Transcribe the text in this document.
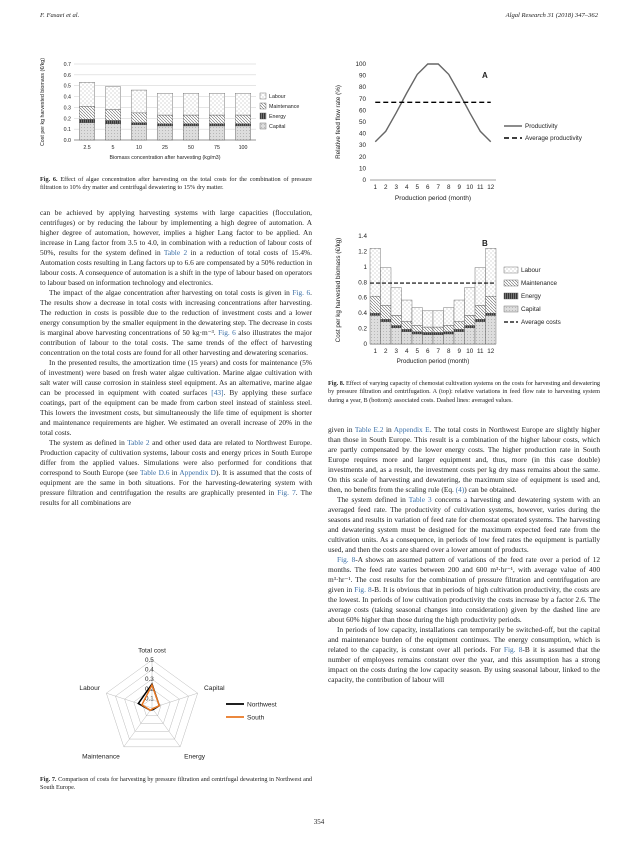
F. Fasaei et al.	Algal Research 31 (2018) 347–362
0.0
0.1
0.2
0.3
0.4
0.5
0.6
0.7
2.5	5	10	25	50	75	100
Biomass concentration after harvesting (kg/m3)
Cost per kg harvested biomass (€/kg)	Labour
Maintenance
Energy
Capital
Fig. 6. Effect of algae concentration after harvesting on the total costs for the combination of pressure filtration to 10% dry matter and centrifugal dewatering to 15% dry matter.

can be achieved by applying harvesting systems with large capacities (flocculation, centrifuges) or by reducing the labour by implementing a high degree of automation. A higher degree of automation, however, implies a higher Lang factor to be applied. An increase in Lang factor from 3.5 to 4.0, in combination with a reduction of labour costs of 50%, results for the system defined in Table 2 in a reduction of total costs of 15.4%. Automation costs resulting in Lang factors up to 6.6 are compensated by a 50% reduction in labour costs. A consequence of automation is a shift in the type of labour based on operators to labour based on information technology and electronics.

The impact of the algae concentration after harvesting on total costs is given in Fig. 6. The results show a decrease in total costs with increasing concentrations after harvesting. The reduction in costs is possible due to the reduction of investment costs and a lower energy consumption by the smaller equipment in the dewatering step. The decrease in costs is marginal above harvesting concentrations of 50 kg·m⁻³. Fig. 6 also illustrates the major contribution of labour to the total costs. The same trends of the effect of harvesting concentration on the total costs are found for all other harvesting and dewatering scenarios.

In the presented results, the amortization time (15 years) and costs for maintenance (5% of investment) were based on fresh water algae cultivation. Marine algae cultivation with salt water will cause corrosion in stainless steel equipment. As an alternative, marine algae can be processed in equipment with coated surfaces [43]. By applying these surface coatings, part of the equipment can be made from carbon steel instead of stainless steel. This lowers the investment costs, but simultaneously the life time of equipment is shorter and maintenance requirements are higher. We estimated an overall increase of 20% in the total costs.

The system as defined in Table 2 and other used data are related to Northwest Europe. Production capacity of cultivation systems, labour costs and energy prices in South Europe differ from the applied values. Simulations were also performed for conditions that correspond to South Europe (see Table D.6 in Appendix D). It is assumed that the costs of equipment are the same in both situations. For the harvesting-dewatering system with pressure filtration and centrifugation the results are graphically presented in Fig. 7. The results for all combinations are

0.1
0.2
0.3
0.4
0.5
Total cost
Capital
Energy
Maintenance
Labour
Northwest
South
Fig. 7. Comparison of costs for harvesting by pressure filtration and centrifugal dewatering in Northwest and South Europe.
0
10
20
30
40
50
60
70
80
90
100
1 2 3 4 5 6 7 8 9 10 11 12
Production period (month)
Relative feed flow rate (%)
A
Productivity
Average productivity
0
0.2
0.4
0.6
0.8
1
1.2
1.4
1 2 3 4 5 6 7 8 9 10 11 12
Production period (month)
Cost per kg harvested biomass (€/kg)	B
Labour
Maintenance
Energy
Capital
Average costs
Fig. 8. Effect of varying capacity of chemostat cultivation systems on the costs for harvesting and dewatering by pressure filtration and centrifugation. A (top): relative variations in feed flow rate to harvesting system during a year, B (bottom): associated costs. Dashed lines: averaged values.

given in Table E.2 in Appendix E. The total costs in Northwest Europe are slightly higher than those in South Europe. This result is a combination of the higher labour costs, which are partly compensated by the lower energy costs. The higher production rate in South Europe requires more and larger equipment and, thus, more (in this case double) investments and, as a result, the investment costs per kg dry mass remains about the same. On this scale of harvesting and dewatering, the maximum size of equipment is used and, then, no benefits from the scaling rule (Eq. (4)) can be obtained.

The system defined in Table 3 concerns a harvesting and dewatering system with an averaged feed rate. The productivity of cultivation systems, however, varies during the seasons and results in variation of feed rate for chemostat operated systems. The harvesting and dewatering system must be designed for the maximum expected feed rate from the cultivation units. As a consequence, in periods of low feed rates the equipment is partially used, and then the costs are shared over a lower amount of products.

Fig. 8-A shows an assumed pattern of variations of the feed rate over a period of 12 months. The feed rate varies between 200 and 600 m³·hr⁻¹, with average value of 400 m³·hr⁻¹. The cost results for the combination of pressure filtration and centrifugation are given in Fig. 8-B. It is obvious that in periods of high cultivation productivity, the costs are the lowest. In periods of low cultivation productivity the costs increase by a factor 2.6. The average costs (taking seasonal changes into consideration) given by the dashed line are about 60% higher than those during the high productivity periods.

In periods of low capacity, installations can temporarily be switched-off, but the capital and maintenance burden of the equipment continues. The energy consumption, which is related to the capacity, is constant over all periods. For Fig. 8-B it is assumed that the number of employees remains constant over the year, and this assumption has a strong impact on the costs during the low capacity season. By using seasonal labour, linked to the capacity, the contribution of labour will

354
